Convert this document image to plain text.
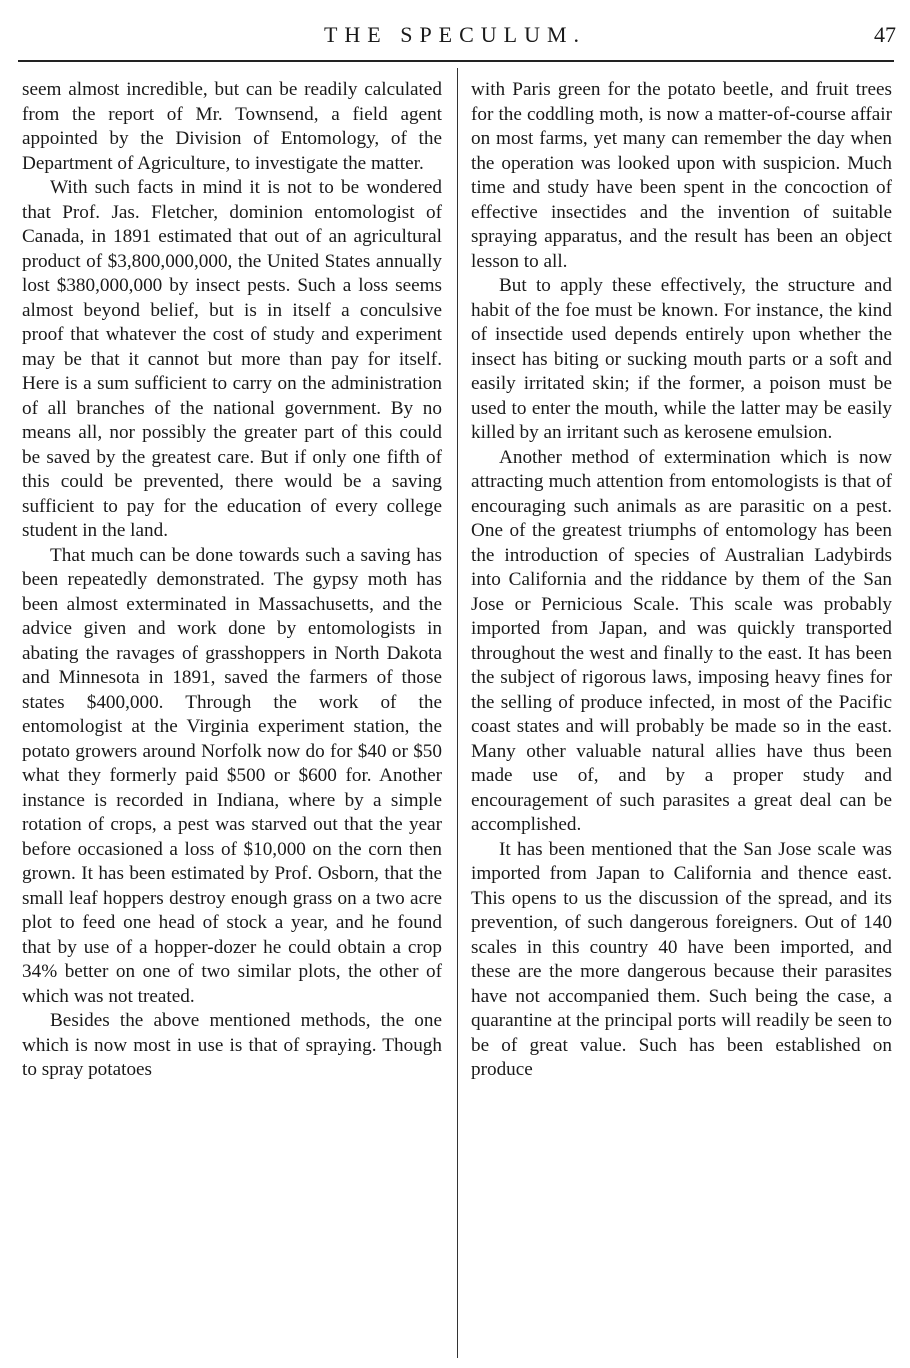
THE SPECULUM.	47

seem almost incredible, but can be readily calculated from the report of Mr. Townsend, a field agent appointed by the Division of Entomology, of the Department of Agriculture, to investigate the matter.

With such facts in mind it is not to be wondered that Prof. Jas. Fletcher, dominion entomologist of Canada, in 1891 estimated that out of an agricultural product of $3,800,000,000, the United States annually lost $380,000,000 by insect pests. Such a loss seems almost beyond belief, but is in itself a conculsive proof that whatever the cost of study and experiment may be that it cannot but more than pay for itself. Here is a sum sufficient to carry on the administration of all branches of the national government. By no means all, nor possibly the greater part of this could be saved by the greatest care. But if only one fifth of this could be prevented, there would be a saving sufficient to pay for the education of every college student in the land.

That much can be done towards such a saving has been repeatedly demonstrated. The gypsy moth has been almost exterminated in Massachusetts, and the advice given and work done by entomologists in abating the ravages of grasshoppers in North Dakota and Minnesota in 1891, saved the farmers of those states $400,000. Through the work of the entomologist at the Virginia experiment station, the potato growers around Norfolk now do for $40 or $50 what they formerly paid $500 or $600 for. Another instance is recorded in Indiana, where by a simple rotation of crops, a pest was starved out that the year before occasioned a loss of $10,000 on the corn then grown. It has been estimated by Prof. Osborn, that the small leaf hoppers destroy enough grass on a two acre plot to feed one head of stock a year, and he found that by use of a hopper-dozer he could obtain a crop 34% better on one of two similar plots, the other of which was not treated.

Besides the above mentioned methods, the one which is now most in use is that of spraying. Though to spray potatoes

with Paris green for the potato beetle, and fruit trees for the coddling moth, is now a matter-of-course affair on most farms, yet many can remember the day when the operation was looked upon with suspicion. Much time and study have been spent in the concoction of effective insectides and the invention of suitable spraying apparatus, and the result has been an object lesson to all.

But to apply these effectively, the structure and habit of the foe must be known. For instance, the kind of insectide used depends entirely upon whether the insect has biting or sucking mouth parts or a soft and easily irritated skin; if the former, a poison must be used to enter the mouth, while the latter may be easily killed by an irritant such as kerosene emulsion.

Another method of extermination which is now attracting much attention from entomologists is that of encouraging such animals as are parasitic on a pest. One of the greatest triumphs of entomology has been the introduction of species of Australian Ladybirds into California and the riddance by them of the San Jose or Pernicious Scale. This scale was probably imported from Japan, and was quickly transported throughout the west and finally to the east. It has been the subject of rigorous laws, imposing heavy fines for the selling of produce infected, in most of the Pacific coast states and will probably be made so in the east. Many other valuable natural allies have thus been made use of, and by a proper study and encouragement of such parasites a great deal can be accomplished.

It has been mentioned that the San Jose scale was imported from Japan to California and thence east. This opens to us the discussion of the spread, and its prevention, of such dangerous foreigners. Out of 140 scales in this country 40 have been imported, and these are the more dangerous because their parasites have not accompanied them. Such being the case, a quarantine at the principal ports will readily be seen to be of great value. Such has been established on produce
